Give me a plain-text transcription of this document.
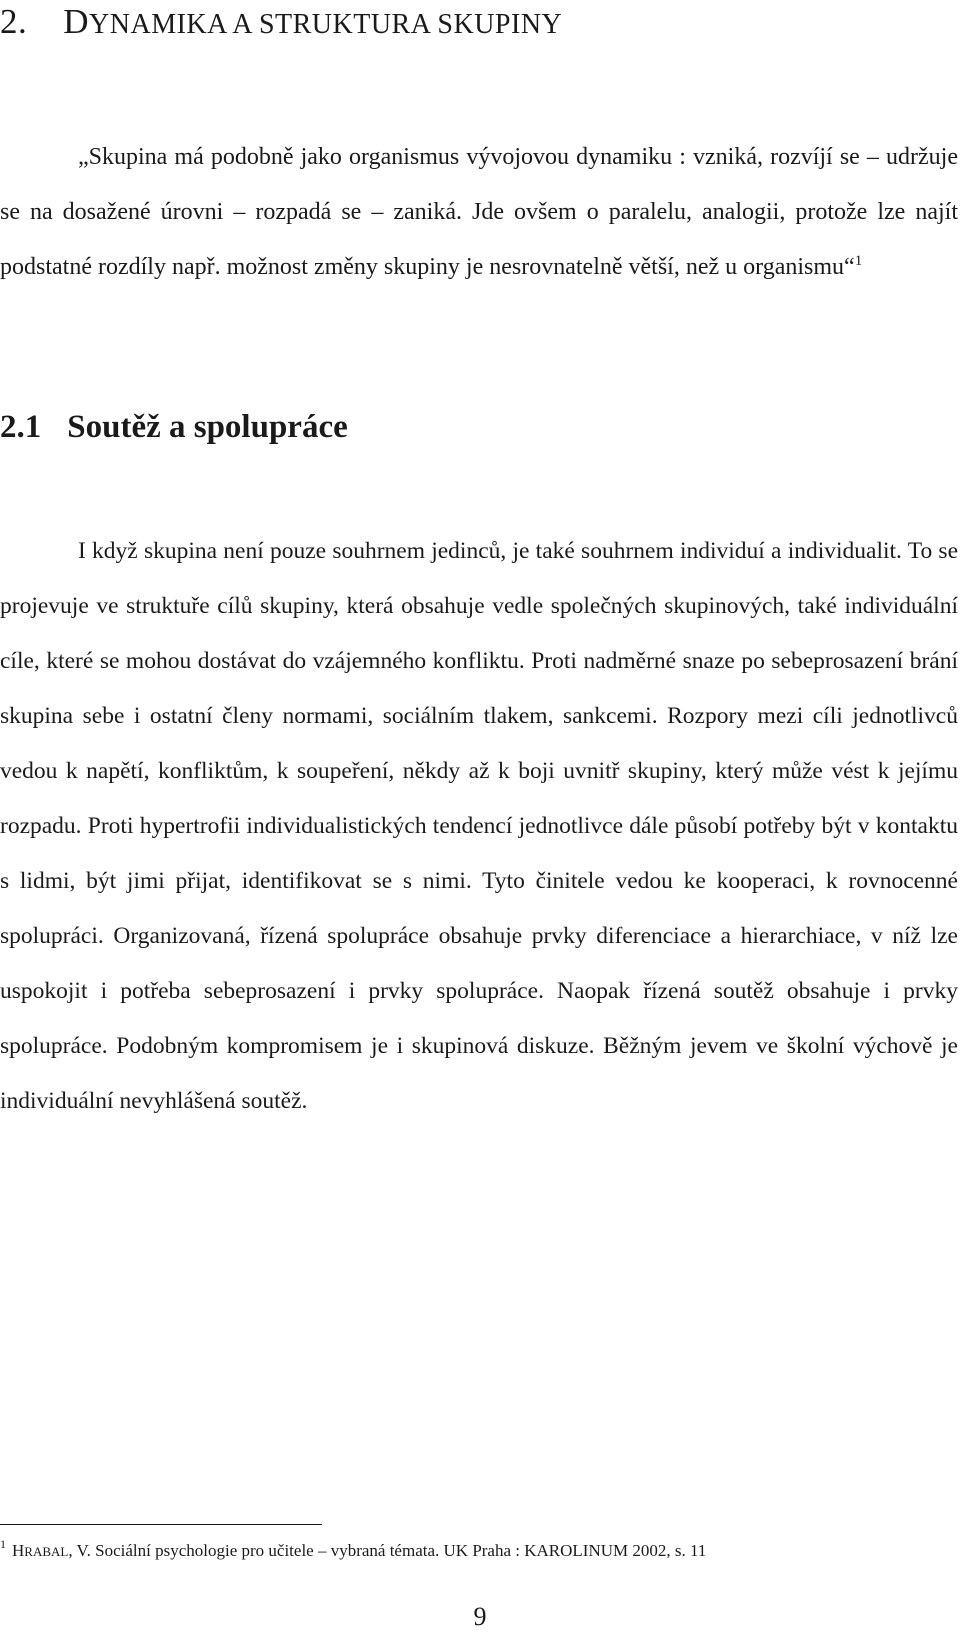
2. DYNAMIKA A STRUKTURA SKUPINY

„Skupina má podobně jako organismus vývojovou dynamiku : vzniká, rozvíjí se – udržuje se na dosažené úrovni – rozpadá se – zaniká. Jde ovšem o paralelu, analogii, protože lze najít podstatné rozdíly např. možnost změny skupiny je nesrovnatelně větší, než u organismu“$^1$

2.1 Soutěž a spolupráce

I když skupina není pouze souhrnem jedinců, je také souhrnem individuí a individualit. To se projevuje ve struktuře cílů skupiny, která obsahuje vedle společných skupinových, také individuální cíle, které se mohou dostávat do vzájemného konfliktu. Proti nadměrné snaze po sebeprosazení brání skupina sebe i ostatní členy normami, sociálním tlakem, sankcemi. Rozpory mezi cíli jednotlivců vedou k napětí, konfliktům, k soupeření, někdy až k boji uvnitř skupiny, který může vést k jejímu rozpadu. Proti hypertrofii individualistických tendencí jednotlivce dále působí potřeby být v kontaktu s lidmi, být jimi přijat, identifikovat se s nimi. Tyto činitele vedou ke kooperaci, k rovnocenné spolupráci. Organizovaná, řízená spolupráce obsahuje prvky diferenciace a hierarchiace, v níž lze uspokojit i potřeba sebeprosazení i prvky spolupráce. Naopak řízená soutěž obsahuje i prvky spolupráce. Podobným kompromisem je i skupinová diskuze. Běžným jevem ve školní výchově je individuální nevyhlášená soutěž.

$^1$ HRABAL, V. Sociální psychologie pro učitele – vybraná témata. UK Praha : KAROLINUM 2002, s. 11

9
